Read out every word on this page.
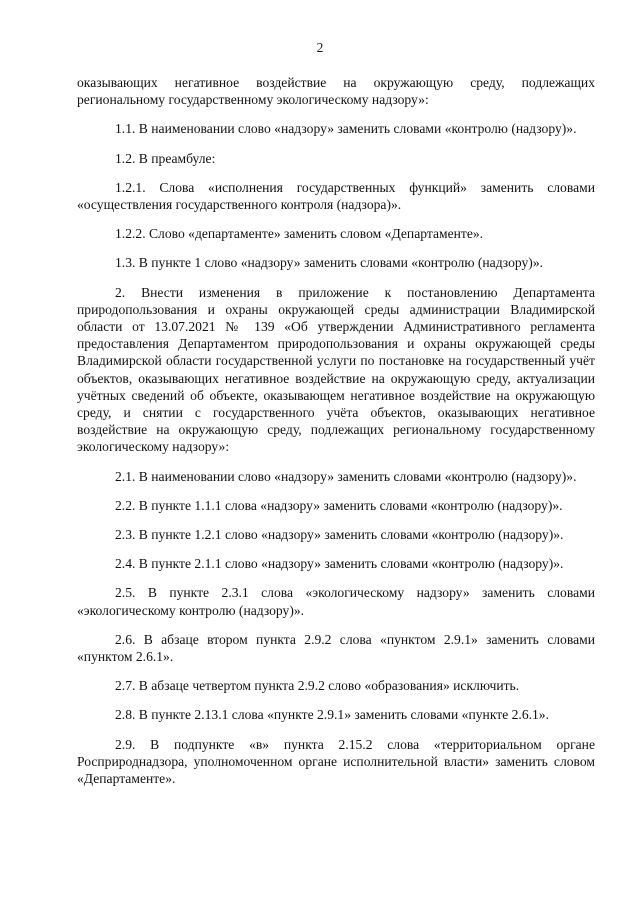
2

оказывающих негативное воздействие на окружающую среду, подлежащих региональному государственному экологическому надзору»:

1.1. В наименовании слово «надзору» заменить словами «контролю (надзору)».

1.2. В преамбуле:

1.2.1. Слова «исполнения государственных функций» заменить словами «осуществления государственного контроля (надзора)».

1.2.2. Слово «департаменте» заменить словом «Департаменте».

1.3. В пункте 1 слово «надзору» заменить словами «контролю (надзору)».

2. Внести изменения в приложение к постановлению Департамента природопользования и охраны окружающей среды администрации Владимирской области от 13.07.2021 № 139 «Об утверждении Административного регламента предоставления Департаментом природопользования и охраны окружающей среды Владимирской области государственной услуги по постановке на государственный учёт объектов, оказывающих негативное воздействие на окружающую среду, актуализации учётных сведений об объекте, оказывающем негативное воздействие на окружающую среду, и снятии с государственного учёта объектов, оказывающих негативное воздействие на окружающую среду, подлежащих региональному государственному экологическому надзору»:

2.1. В наименовании слово «надзору» заменить словами «контролю (надзору)».

2.2. В пункте 1.1.1 слова «надзору» заменить словами «контролю (надзору)».

2.3. В пункте 1.2.1 слово «надзору» заменить словами «контролю (надзору)».

2.4. В пункте 2.1.1 слово «надзору» заменить словами «контролю (надзору)».

2.5. В пункте 2.3.1 слова «экологическому надзору» заменить словами «экологическому контролю (надзору)».

2.6. В абзаце втором пункта 2.9.2 слова «пунктом 2.9.1» заменить словами «пунктом 2.6.1».

2.7. В абзаце четвертом пункта 2.9.2 слово «образования» исключить.

2.8. В пункте 2.13.1 слова «пункте 2.9.1» заменить словами «пункте 2.6.1».

2.9. В подпункте «в» пункта 2.15.2 слова «территориальном органе Росприроднадзора, уполномоченном органе исполнительной власти» заменить словом «Департаменте».
